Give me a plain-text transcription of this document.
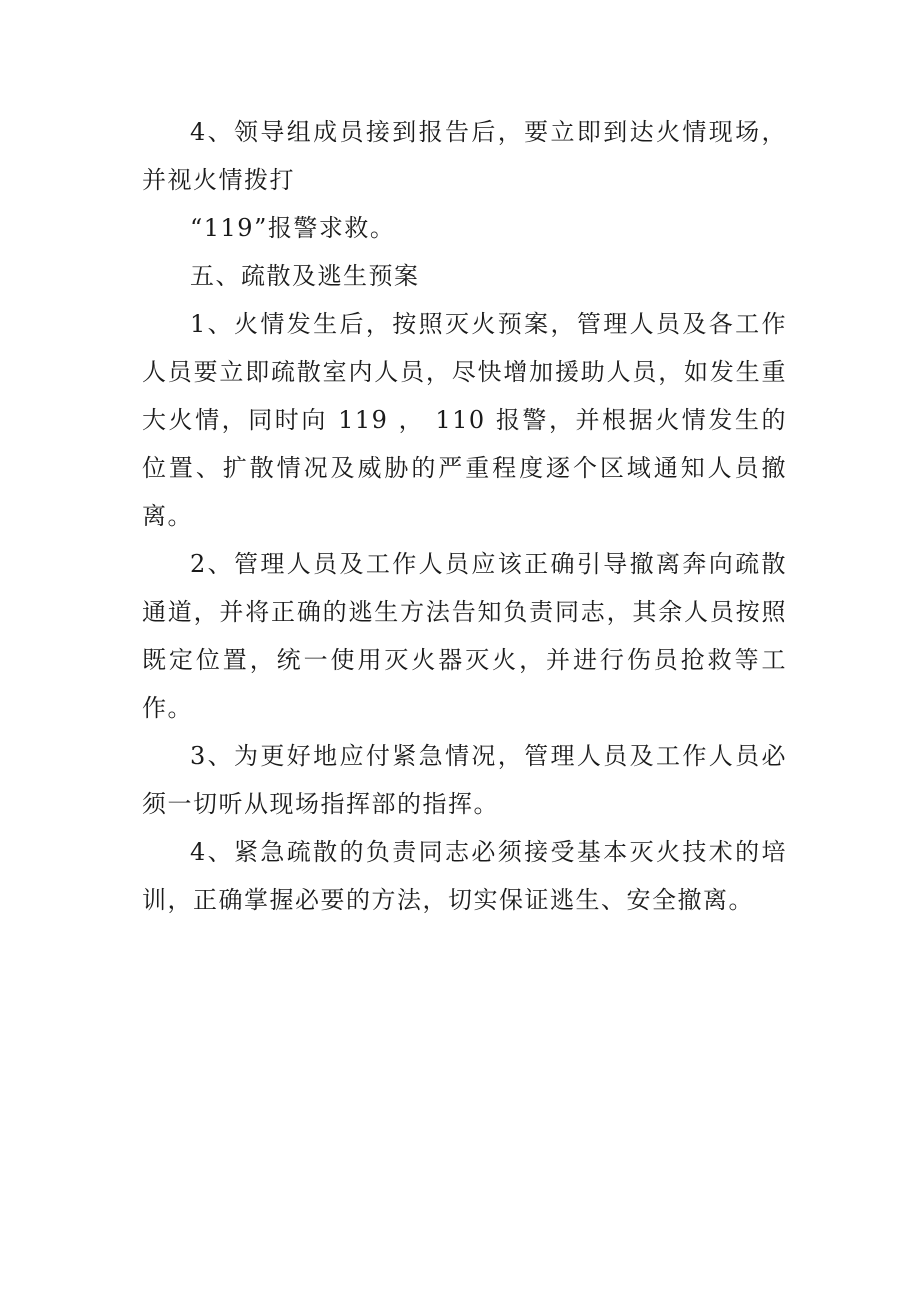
4、领导组成员接到报告后，要立即到达火情现场，并视火情拨打

“119”报警求救。

五、疏散及逃生预案

1、火情发生后，按照灭火预案，管理人员及各工作人员要立即疏散室内人员，尽快增加援助人员，如发生重大火情，同时向 119 ， 110 报警，并根据火情发生的位置、扩散情况及威胁的严重程度逐个区域通知人员撤离。

2、管理人员及工作人员应该正确引导撤离奔向疏散通道，并将正确的逃生方法告知负责同志，其余人员按照既定位置，统一使用灭火器灭火，并进行伤员抢救等工作。

3、为更好地应付紧急情况，管理人员及工作人员必须一切听从现场指挥部的指挥。

4、紧急疏散的负责同志必须接受基本灭火技术的培训，正确掌握必要的方法，切实保证逃生、安全撤离。
